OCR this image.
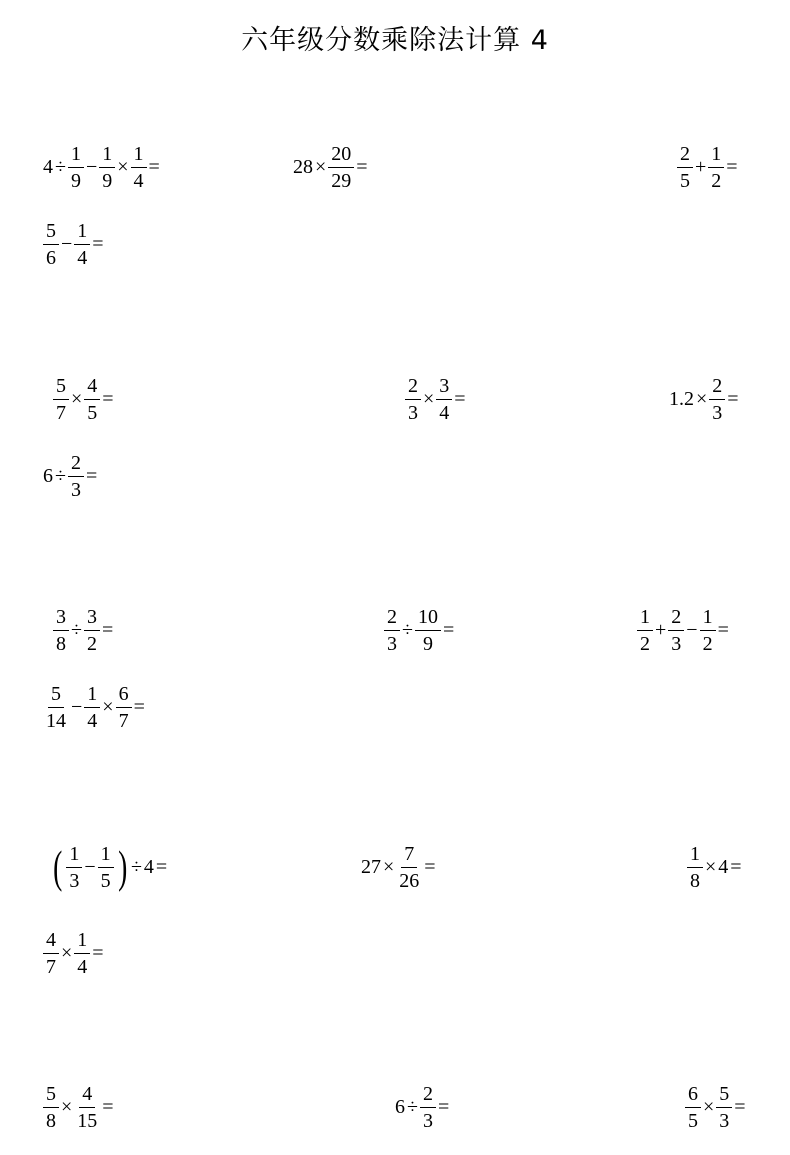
六年级分数乘除法计算 4
$4 \div \frac{1}{9} - \frac{1}{9} \times \frac{1}{4}$ =	$28 \times \frac{20}{29}$ =	$\frac{2}{5} + \frac{1}{2}$ =
$\frac{5}{6} - \frac{1}{4}$ =
$\frac{5}{7} \times \frac{4}{5}$ =	$\frac{2}{3} \times \frac{3}{4}$ =	$1.2 \times \frac{2}{3}$ =
$6 \div \frac{2}{3}$ =
$\frac{3}{8} \div \frac{3}{2}$ =	$\frac{2}{3} \div \frac{10}{9}$ =	$\frac{1}{2} + \frac{2}{3} - \frac{1}{2}$ =
$\frac{5}{14} - \frac{1}{4} \times \frac{6}{7}$ =
( $\frac{1}{3} - \frac{1}{5}$ ) ÷ 4 =	$27 \times \frac{7}{26}$ =	$\frac{1}{8} \times 4$ =
$\frac{4}{7} \times \frac{1}{4}$ =
$\frac{5}{8} \times \frac{4}{15}$ =	$6 \div \frac{2}{3}$ =	$\frac{6}{5} \times \frac{5}{3}$ =
